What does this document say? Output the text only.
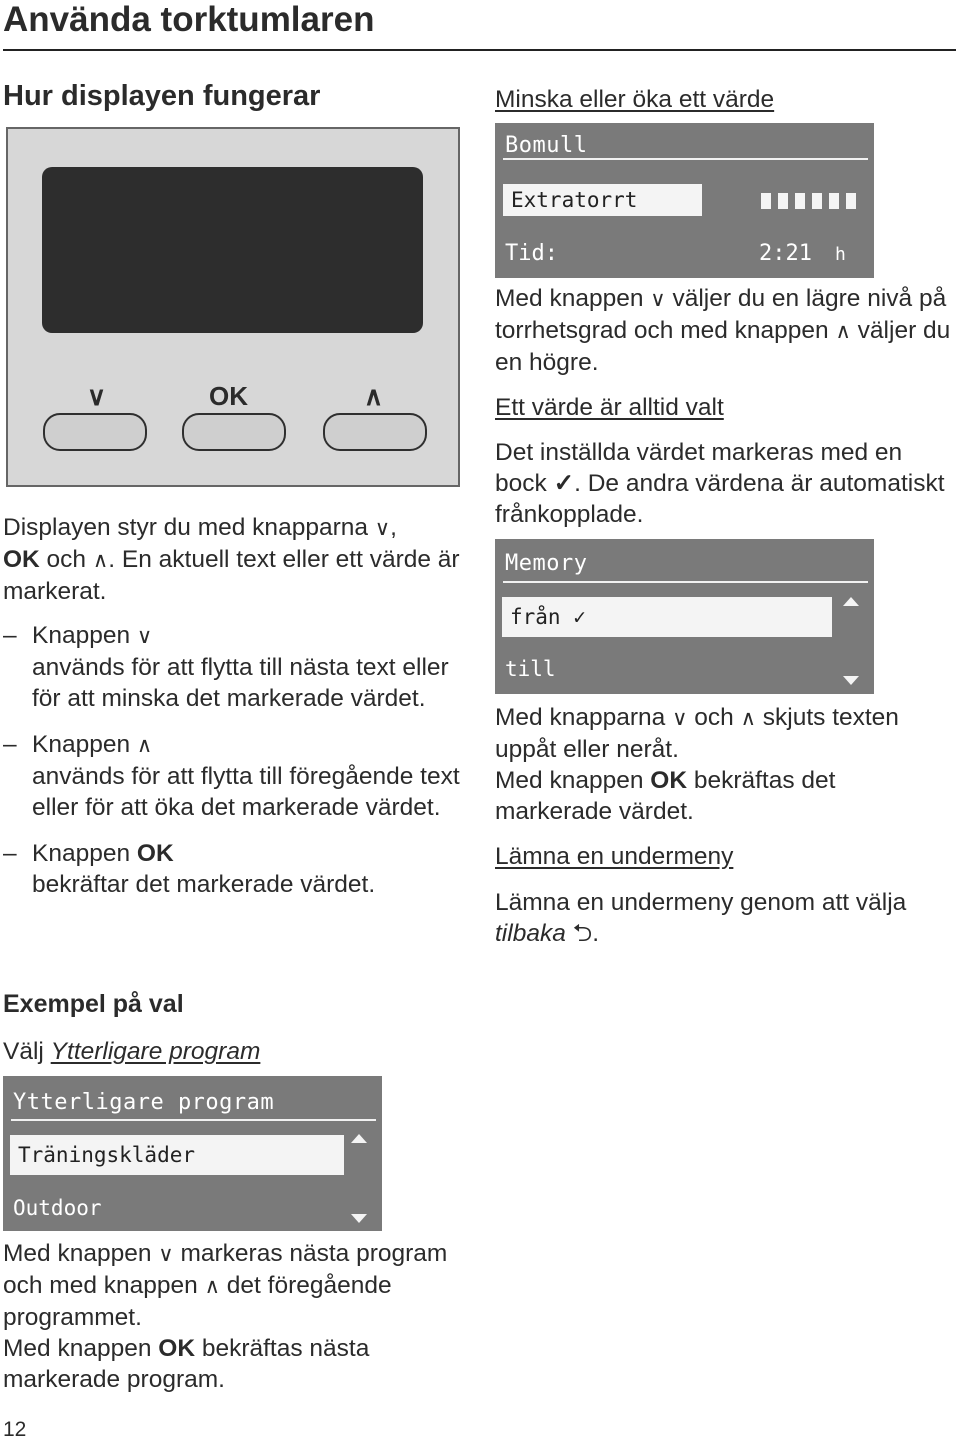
Använda torktumlaren
Hur displayen fungerar
∨	OK	∧
Displayen styr du med knapparna ∨,
OK och ∧. En aktuell text eller ett värde är markerat.
– Knappen ∨
används för att flytta till nästa text eller för att minska det markerade värdet.
– Knappen ∧
används för att flytta till föregående text eller för att öka det markerade värdet.
– Knappen OK
bekräftar det markerade värdet.
Exempel på val
Välj Ytterligare program
Ytterligare program
Träningskläder
Outdoor
Med knappen ∨ markeras nästa program och med knappen ∧ det föregående programmet.
Med knappen OK bekräftas nästa markerade program.
Minska eller öka ett värde
Bomull
Extratorrt
Tid:	2:21 h
Med knappen ∨ väljer du en lägre nivå på torrhetsgrad och med knappen ∧ väljer du en högre.
Ett värde är alltid valt
Det inställda värdet markeras med en bock ✓. De andra värdena är automatiskt frånkopplade.
Memory
från ✓
till
Med knapparna ∨ och ∧ skjuts texten uppåt eller neråt.
Med knappen OK bekräftas det markerade värdet.
Lämna en undermeny
Lämna en undermeny genom att välja tilbaka ⮌.
12
